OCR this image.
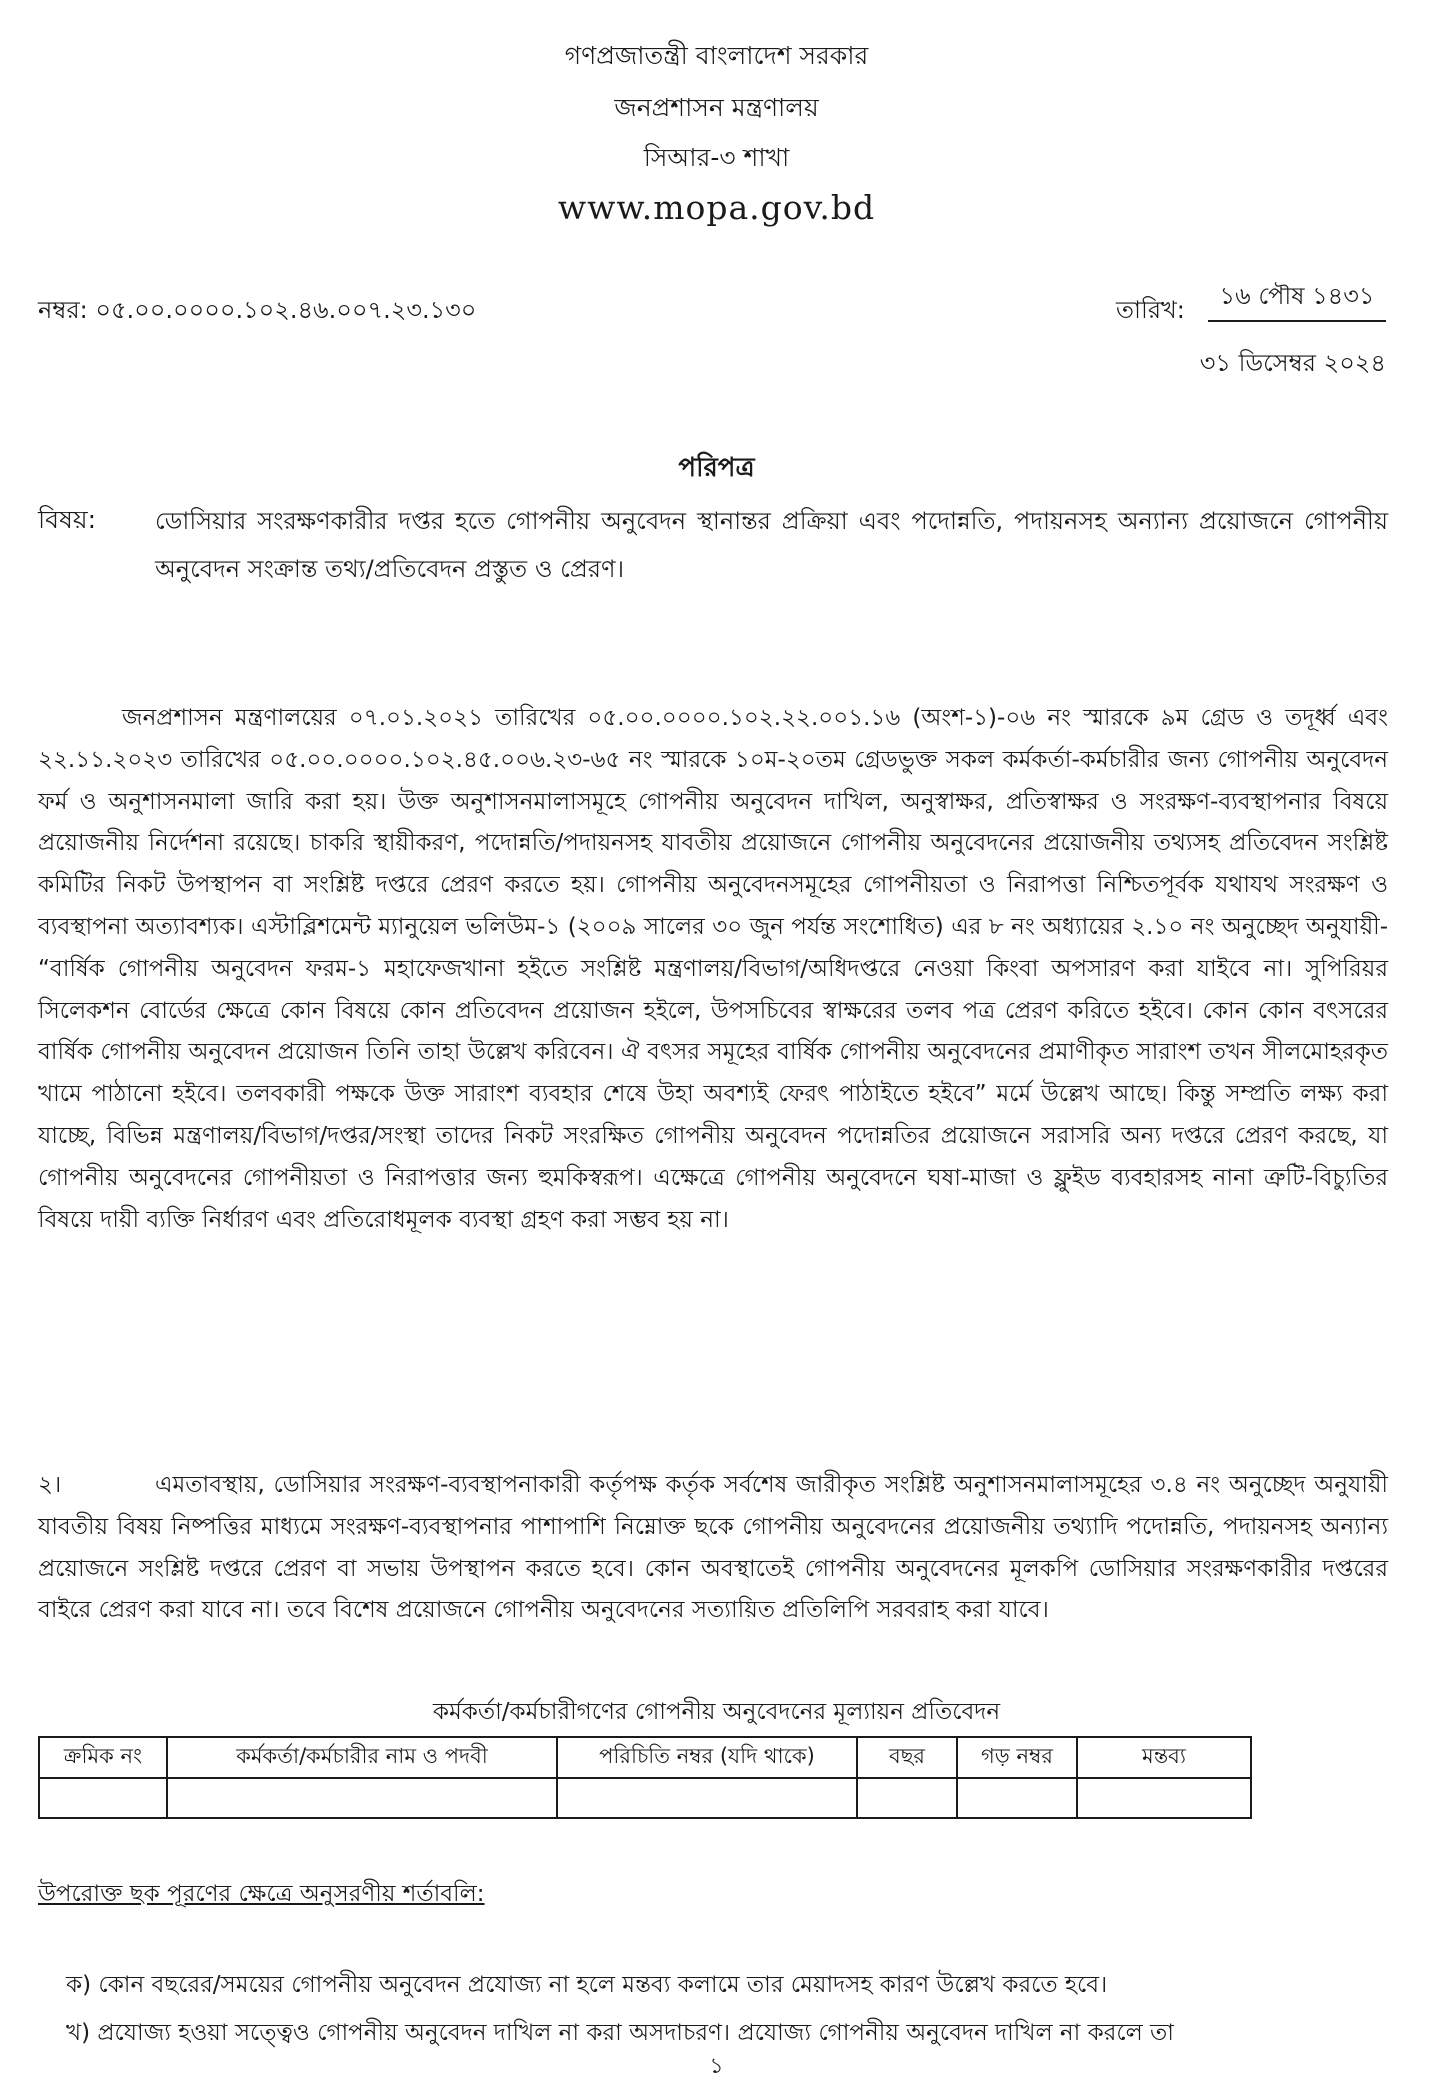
গণপ্রজাতন্ত্রী বাংলাদেশ সরকার
জনপ্রশাসন মন্ত্রণালয়
সিআর-৩ শাখা
www.mopa.gov.bd
নম্বর: ০৫.০০.০০০০.১০২.৪৬.০০৭.২৩.১৩০	তারিখ:	১৬ পৌষ ১৪৩১
৩১ ডিসেম্বর ২০২৪
পরিপত্র
বিষয়: ডোসিয়ার সংরক্ষণকারীর দপ্তর হতে গোপনীয় অনুবেদন স্থানান্তর প্রক্রিয়া এবং পদোন্নতি, পদায়নসহ অন্যান্য প্রয়োজনে গোপনীয় অনুবেদন সংক্রান্ত তথ্য/প্রতিবেদন প্রস্তুত ও প্রেরণ।
জনপ্রশাসন মন্ত্রণালয়ের ০৭.০১.২০২১ তারিখের ০৫.০০.০০০০.১০২.২২.০০১.১৬ (অংশ-১)-০৬ নং স্মারকে ৯ম গ্রেড ও তদূর্ধ্ব এবং ২২.১১.২০২৩ তারিখের ০৫.০০.০০০০.১০২.৪৫.০০৬.২৩-৬৫ নং স্মারকে ১০ম-২০তম গ্রেডভুক্ত সকল কর্মকর্তা-কর্মচারীর জন্য গোপনীয় অনুবেদন ফর্ম ও অনুশাসনমালা জারি করা হয়। উক্ত অনুশাসনমালাসমূহে গোপনীয় অনুবেদন দাখিল, অনুস্বাক্ষর, প্রতিস্বাক্ষর ও সংরক্ষণ-ব্যবস্থাপনার বিষয়ে প্রয়োজনীয় নির্দেশনা রয়েছে। চাকরি স্থায়ীকরণ, পদোন্নতি/পদায়নসহ যাবতীয় প্রয়োজনে গোপনীয় অনুবেদনের প্রয়োজনীয় তথ্যসহ প্রতিবেদন সংশ্লিষ্ট কমিটির নিকট উপস্থাপন বা সংশ্লিষ্ট দপ্তরে প্রেরণ করতে হয়। গোপনীয় অনুবেদনসমূহের গোপনীয়তা ও নিরাপত্তা নিশ্চিতপূর্বক যথাযথ সংরক্ষণ ও ব্যবস্থাপনা অত্যাবশ্যক। এস্টাব্লিশমেন্ট ম্যানুয়েল ভলিউম-১ (২০০৯ সালের ৩০ জুন পর্যন্ত সংশোধিত) এর ৮ নং অধ্যায়ের ২.১০ নং অনুচ্ছেদ অনুযায়ী- “বার্ষিক গোপনীয় অনুবেদন ফরম-১ মহাফেজখানা হইতে সংশ্লিষ্ট মন্ত্রণালয়/বিভাগ/অধিদপ্তরে নেওয়া কিংবা অপসারণ করা যাইবে না। সুপিরিয়র সিলেকশন বোর্ডের ক্ষেত্রে কোন বিষয়ে কোন প্রতিবেদন প্রয়োজন হইলে, উপসচিবের স্বাক্ষরের তলব পত্র প্রেরণ করিতে হইবে। কোন কোন বৎসরের বার্ষিক গোপনীয় অনুবেদন প্রয়োজন তিনি তাহা উল্লেখ করিবেন। ঐ বৎসর সমূহের বার্ষিক গোপনীয় অনুবেদনের প্রমাণীকৃত সারাংশ তখন সীলমোহরকৃত খামে পাঠানো হইবে। তলবকারী পক্ষকে উক্ত সারাংশ ব্যবহার শেষে উহা অবশ্যই ফেরৎ পাঠাইতে হইবে” মর্মে উল্লেখ আছে। কিন্তু সম্প্রতি লক্ষ্য করা যাচ্ছে, বিভিন্ন মন্ত্রণালয়/বিভাগ/দপ্তর/সংস্থা তাদের নিকট সংরক্ষিত গোপনীয় অনুবেদন পদোন্নতির প্রয়োজনে সরাসরি অন্য দপ্তরে প্রেরণ করছে, যা গোপনীয় অনুবেদনের গোপনীয়তা ও নিরাপত্তার জন্য হুমকিস্বরূপ। এক্ষেত্রে গোপনীয় অনুবেদনে ঘষা-মাজা ও ফ্লুইড ব্যবহারসহ নানা ত্রুটি-বিচ্যুতির বিষয়ে দায়ী ব্যক্তি নির্ধারণ এবং প্রতিরোধমূলক ব্যবস্থা গ্রহণ করা সম্ভব হয় না।
২।	এমতাবস্থায়, ডোসিয়ার সংরক্ষণ-ব্যবস্থাপনাকারী কর্তৃপক্ষ কর্তৃক সর্বশেষ জারীকৃত সংশ্লিষ্ট অনুশাসনমালাসমূহের ৩.৪ নং অনুচ্ছেদ অনুযায়ী যাবতীয় বিষয় নিষ্পত্তির মাধ্যমে সংরক্ষণ-ব্যবস্থাপনার পাশাপাশি নিম্নোক্ত ছকে গোপনীয় অনুবেদনের প্রয়োজনীয় তথ্যাদি পদোন্নতি, পদায়নসহ অন্যান্য প্রয়োজনে সংশ্লিষ্ট দপ্তরে প্রেরণ বা সভায় উপস্থাপন করতে হবে। কোন অবস্থাতেই গোপনীয় অনুবেদনের মূলকপি ডোসিয়ার সংরক্ষণকারীর দপ্তরের বাইরে প্রেরণ করা যাবে না। তবে বিশেষ প্রয়োজনে গোপনীয় অনুবেদনের সত্যায়িত প্রতিলিপি সরবরাহ করা যাবে।
কর্মকর্তা/কর্মচারীগণের গোপনীয় অনুবেদনের মূল্যায়ন প্রতিবেদন
ক্রমিক নং	কর্মকর্তা/কর্মচারীর নাম ও পদবী	পরিচিতি নম্বর (যদি থাকে)	বছর	গড় নম্বর	মন্তব্য

উপরোক্ত ছক পূরণের ক্ষেত্রে অনুসরণীয় শর্তাবলি:
ক) কোন বছরের/সময়ের গোপনীয় অনুবেদন প্রযোজ্য না হলে মন্তব্য কলামে তার মেয়াদসহ কারণ উল্লেখ করতে হবে।
খ) প্রযোজ্য হওয়া সত্ত্বেও গোপনীয় অনুবেদন দাখিল না করা অসদাচরণ। প্রযোজ্য গোপনীয় অনুবেদন দাখিল না করলে তা
১
